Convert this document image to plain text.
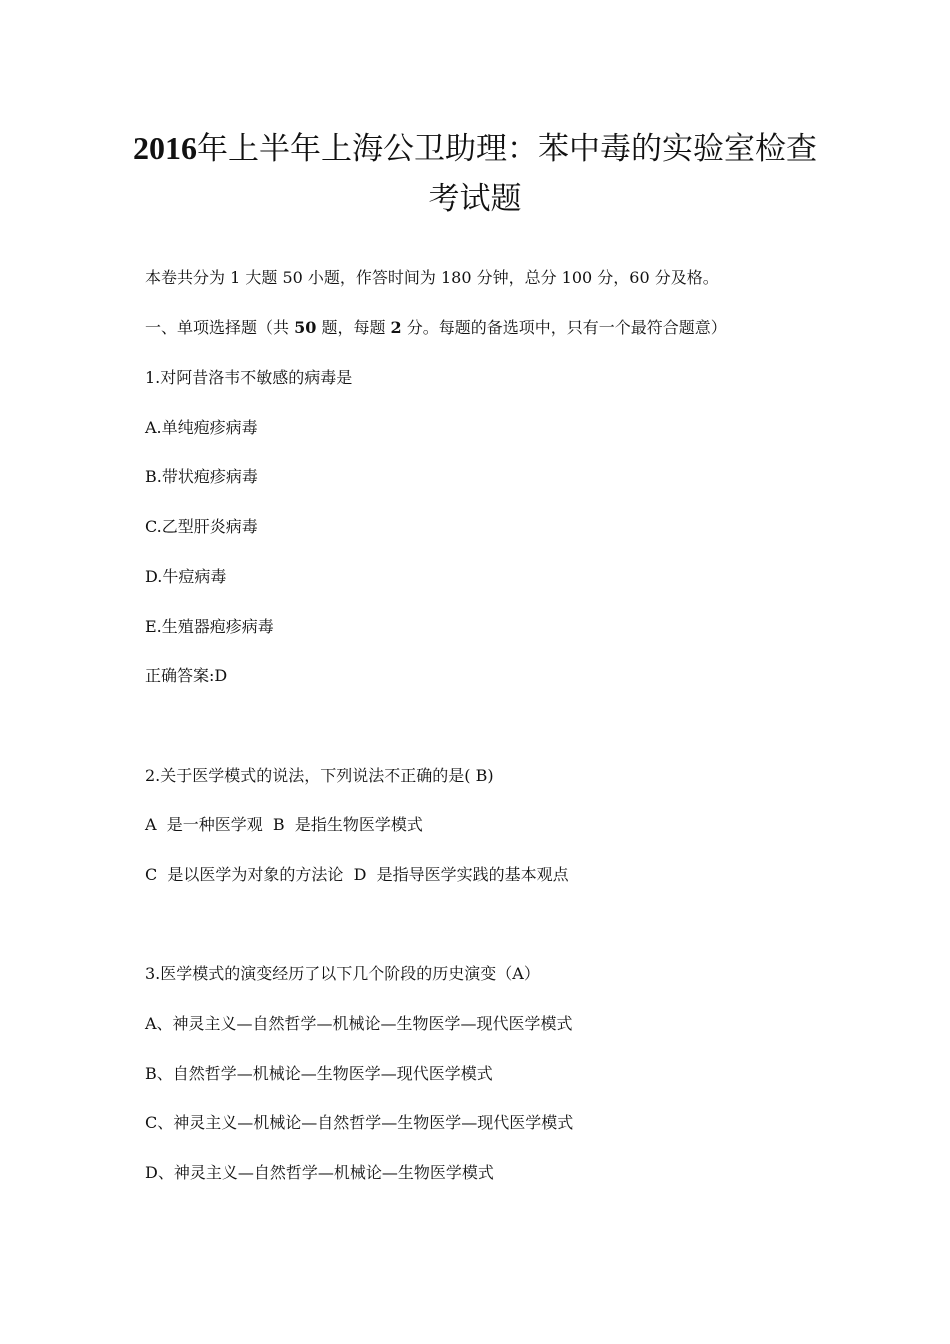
2016年上半年上海公卫助理：苯中毒的实验室检查
考试题
本卷共分为 1 大题 50 小题，作答时间为 180 分钟，总分 100 分，60 分及格。
一、单项选择题（共 50 题，每题 2 分。每题的备选项中，只有一个最符合题意）
1.对阿昔洛韦不敏感的病毒是
A.单纯疱疹病毒
B.带状疱疹病毒
C.乙型肝炎病毒
D.牛痘病毒
E.生殖器疱疹病毒
正确答案:D
2.关于医学模式的说法，下列说法不正确的是( B)
A  是一种医学观  B  是指生物医学模式
C  是以医学为对象的方法论  D  是指导医学实践的基本观点
3.医学模式的演变经历了以下几个阶段的历史演变（A）
A、神灵主义—自然哲学—机械论—生物医学—现代医学模式
B、自然哲学—机械论—生物医学—现代医学模式
C、神灵主义—机械论—自然哲学—生物医学—现代医学模式
D、神灵主义—自然哲学—机械论—生物医学模式
